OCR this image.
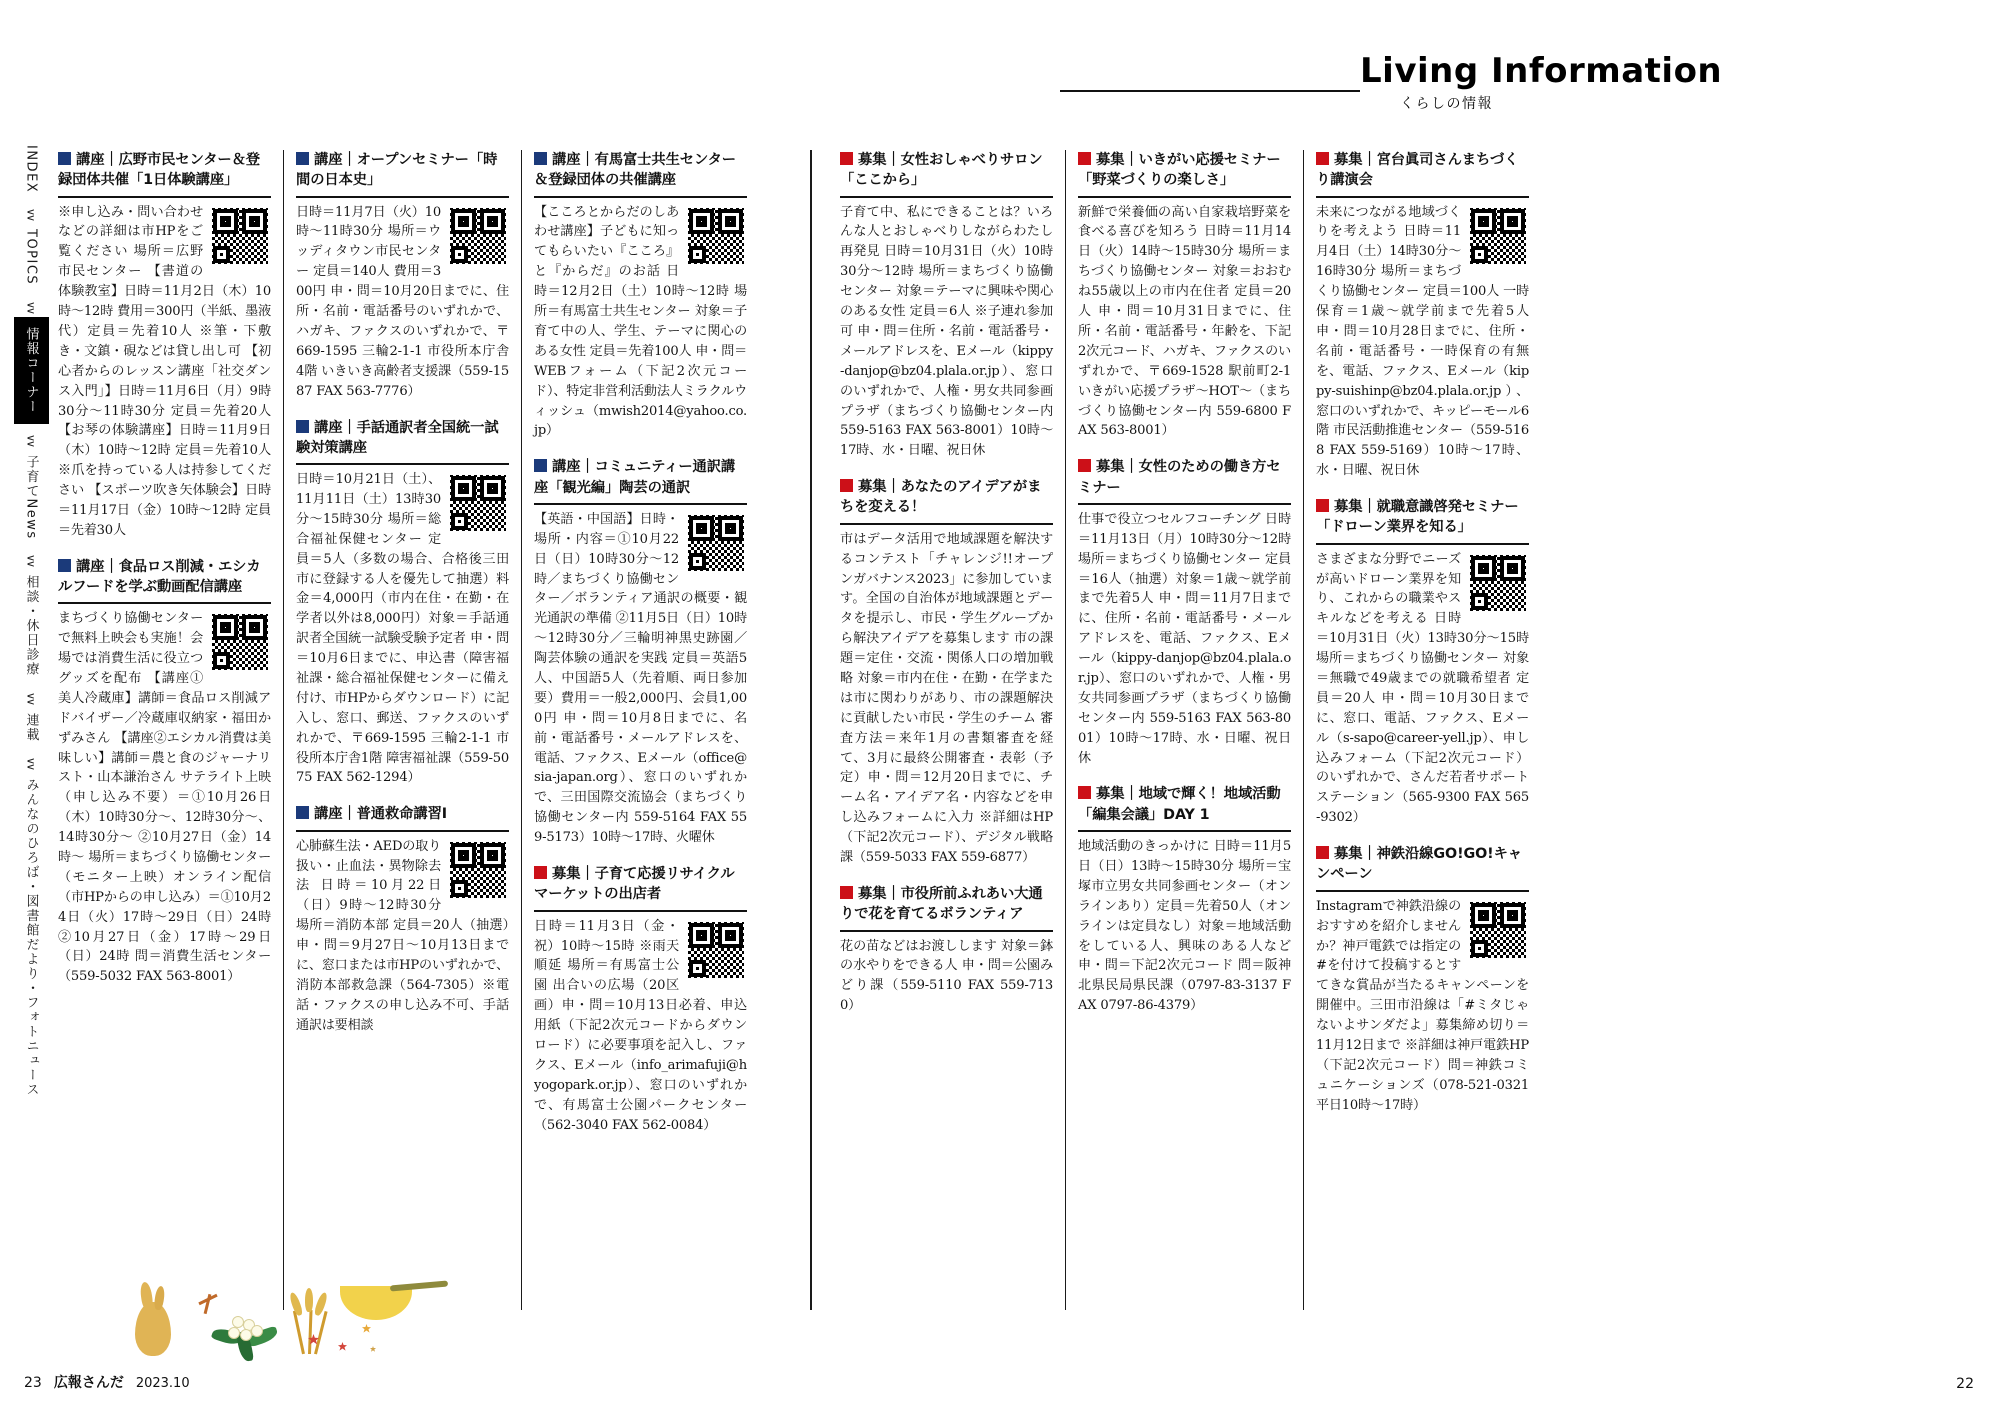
Living Information
くらしの情報
INDEX
∨∨
TOPICS
∨∨
情報コーナー
∨∨
子育てNews
∨∨
相談・休日診療
∨∨
連載
∨∨
みんなのひろば・図書館だより・フォトニュース
講座｜広野市民センター＆登録団体共催「1日体験講座」
※申し込み・問い合わせなどの詳細は市HPをご覧ください 場所＝広野市民センター 【書道の体験教室】日時＝11月2日（木）10時～12時 費用＝300円（半紙、墨液代）定員＝先着10人 ※筆・下敷き・文鎮・硯などは貸し出し可 【初心者からのレッスン講座「社交ダンス入門」】日時＝11月6日（月）9時30分～11時30分 定員＝先着20人 【お琴の体験講座】日時＝11月9日（木）10時～12時 定員＝先着10人 ※爪を持っている人は持参してください 【スポーツ吹き矢体験会】日時＝11月17日（金）10時～12時 定員＝先着30人
講座｜食品ロス削減・エシカルフードを学ぶ動画配信講座
まちづくり協働センターで無料上映会も実施！会場では消費生活に役立つグッズを配布 【講座①美人冷蔵庫】講師＝食品ロス削減アドバイザー／冷蔵庫収納家・福田かずみさん 【講座②エシカル消費は美味しい】講師＝農と食のジャーナリスト・山本謙治さん サテライト上映（申し込み不要）＝①10月26日（木）10時30分～、12時30分～、14時30分～ ②10月27日（金）14時～ 場所＝まちづくり協働センター（モニター上映）オンライン配信（市HPからの申し込み）＝①10月24日（火）17時～29日（日）24時 ②10月27日（金）17時～29日（日）24時 問＝消費生活センター（559-5032 FAX 563-8001）
講座｜オープンセミナー「時間の日本史」
日時＝11月7日（火）10時～11時30分 場所＝ウッディタウン市民センター 定員＝140人 費用＝300円 申・問＝10月20日までに、住所・名前・電話番号のいずれかで、ハガキ、ファクスのいずれかで、〒669-1595 三輪2-1-1 市役所本庁舎4階 いきいき高齢者支援課（559-1587 FAX 563-7776）
講座｜手話通訳者全国統一試験対策講座
日時＝10月21日（土）、11月11日（土）13時30分～15時30分 場所＝総合福祉保健センター 定員＝5人（多数の場合、合格後三田市に登録する人を優先して抽選）料金＝4,000円（市内在住・在勤・在学者以外は8,000円）対象＝手話通訳者全国統一試験受験予定者 申・問＝10月6日までに、申込書（障害福祉課・総合福祉保健センターに備え付け、市HPからダウンロード）に記入し、窓口、郵送、ファクスのいずれかで、〒669-1595 三輪2-1-1 市役所本庁舎1階 障害福祉課（559-5075 FAX 562-1294）
講座｜普通救命講習Ⅰ
心肺蘇生法・AEDの取り扱い・止血法・異物除去法 日時＝10月22日（日）9時～12時30分 場所＝消防本部 定員＝20人（抽選）申・問＝9月27日～10月13日までに、窓口または市HPのいずれかで、消防本部救急課（564-7305）※電話・ファクスの申し込み不可、手話通訳は要相談
講座｜有馬富士共生センター＆登録団体の共催講座
【こころとからだのしあわせ講座】子どもに知ってもらいたい『こころ』と『からだ』のお話 日時＝12月2日（土）10時～12時 場所＝有馬富士共生センター 対象＝子育て中の人、学生、テーマに関心のある女性 定員＝先着100人 申・問＝WEBフォーム（下記2次元コード）、特定非営利活動法人ミラクルウィッシュ（mwish2014@yahoo.co.jp）
講座｜コミュニティー通訳講座「観光編」陶芸の通訳
【英語・中国語】日時・場所・内容＝①10月22日（日）10時30分～12時／まちづくり協働センター／ボランティア通訳の概要・観光通訳の準備 ②11月5日（日）10時～12時30分／三輪明神黒史跡園／陶芸体験の通訳を実践 定員＝英語5人、中国語5人（先着順、両日参加要）費用＝一般2,000円、会員1,000円 申・問＝10月8日までに、名前・電話番号・メールアドレスを、電話、ファクス、Eメール（office@sia-japan.org）、窓口のいずれかで、三田国際交流協会（まちづくり協働センター内 559-5164 FAX 559-5173）10時～17時、火曜休
募集｜子育て応援リサイクルマーケットの出店者
日時＝11月3日（金・祝）10時～15時 ※雨天順延 場所＝有馬富士公園 出合いの広場（20区画）申・問＝10月13日必着、申込用紙（下記2次元コードからダウンロード）に必要事項を記入し、ファクス、Eメール（info_arimafuji@hyogopark.or.jp）、窓口のいずれかで、有馬富士公園パークセンター（562-3040 FAX 562-0084）
募集｜女性おしゃべりサロン「ここから」
子育て中、私にできることは？いろんな人とおしゃべりしながらわたし再発見 日時＝10月31日（火）10時30分～12時 場所＝まちづくり協働センター 対象＝テーマに興味や関心のある女性 定員＝6人 ※子連れ参加可 申・問＝住所・名前・電話番号・メールアドレスを、Eメール（kippy-danjop@bz04.plala.or.jp）、窓口のいずれかで、人権・男女共同参画プラザ（まちづくり協働センター内 559-5163 FAX 563-8001）10時～17時、水・日曜、祝日休
募集｜あなたのアイデアがまちを変える！
市はデータ活用で地域課題を解決するコンテスト「チャレンジ!!オープンガバナンス2023」に参加しています。全国の自治体が地域課題とデータを提示し、市民・学生グループから解決アイデアを募集します 市の課題＝定住・交流・関係人口の増加戦略 対象＝市内在住・在勤・在学または市に関わりがあり、市の課題解決に貢献したい市民・学生のチーム 審査方法＝来年1月の書類審査を経て、3月に最終公開審査・表彰（予定）申・問＝12月20日までに、チーム名・アイデア名・内容などを申し込みフォームに入力 ※詳細はHP（下記2次元コード）、デジタル戦略課（559-5033 FAX 559-6877）
募集｜市役所前ふれあい大通りで花を育てるボランティア
花の苗などはお渡しします 対象＝鉢の水やりをできる人 申・問＝公園みどり課（559-5110 FAX 559-7130）
募集｜いきがい応援セミナー「野菜づくりの楽しさ」
新鮮で栄養価の高い自家栽培野菜を食べる喜びを知ろう 日時＝11月14日（火）14時～15時30分 場所＝まちづくり協働センター 対象＝おおむね55歳以上の市内在住者 定員＝20人 申・問＝10月31日までに、住所・名前・電話番号・年齢を、下記2次元コード、ハガキ、ファクスのいずれかで、〒669-1528 駅前町2-1 いきがい応援プラザ～HOT～（まちづくり協働センター内 559-6800 FAX 563-8001）
募集｜女性のための働き方セミナー
仕事で役立つセルフコーチング 日時＝11月13日（月）10時30分～12時 場所＝まちづくり協働センター 定員＝16人（抽選）対象＝1歳～就学前まで先着5人 申・問＝11月7日までに、住所・名前・電話番号・メールアドレスを、電話、ファクス、Eメール（kippy-danjop@bz04.plala.or.jp）、窓口のいずれかで、人権・男女共同参画プラザ（まちづくり協働センター内 559-5163 FAX 563-8001）10時～17時、水・日曜、祝日休
募集｜地域で輝く！地域活動「編集会議」DAY 1
地域活動のきっかけに 日時＝11月5日（日）13時～15時30分 場所＝宝塚市立男女共同参画センター（オンラインあり）定員＝先着50人（オンラインは定員なし）対象＝地域活動をしている人、興味のある人など 申・問＝下記2次元コード 問＝阪神北県民局県民課（0797-83-3137 FAX 0797-86-4379）
募集｜宮台眞司さんまちづくり講演会
未来につながる地域づくりを考えよう 日時＝11月4日（土）14時30分～16時30分 場所＝まちづくり協働センター 定員＝100人 一時保育＝1歳～就学前まで先着5人 申・問＝10月28日までに、住所・名前・電話番号・一時保育の有無を、電話、ファクス、Eメール（kippy-suishinp@bz04.plala.or.jp）、窓口のいずれかで、キッピーモール6階 市民活動推進センター（559-5168 FAX 559-5169）10時～17時、水・日曜、祝日休
募集｜就職意識啓発セミナー「ドローン業界を知る」
さまざまな分野でニーズが高いドローン業界を知り、これからの職業やスキルなどを考える 日時＝10月31日（火）13時30分～15時 場所＝まちづくり協働センター 対象＝無職で49歳までの就職希望者 定員＝20人 申・問＝10月30日までに、窓口、電話、ファクス、Eメール（s-sapo@career-yell.jp）、申し込みフォーム（下記2次元コード）のいずれかで、さんだ若者サポートステーション（565-9300 FAX 565-9302）
募集｜神鉄沿線GO!GO!キャンペーン
Instagramで神鉄沿線のおすすめを紹介しませんか？神戸電鉄では指定の#を付けて投稿するとすてきな賞品が当たるキャンペーンを開催中。三田市沿線は「#ミタじゃないよサンダだよ」募集締め切り＝11月12日まで ※詳細は神戸電鉄HP（下記2次元コード）問＝神鉄コミュニケーションズ（078-521-0321 平日10時～17時）
23 広報さんだ 2023.10	22
